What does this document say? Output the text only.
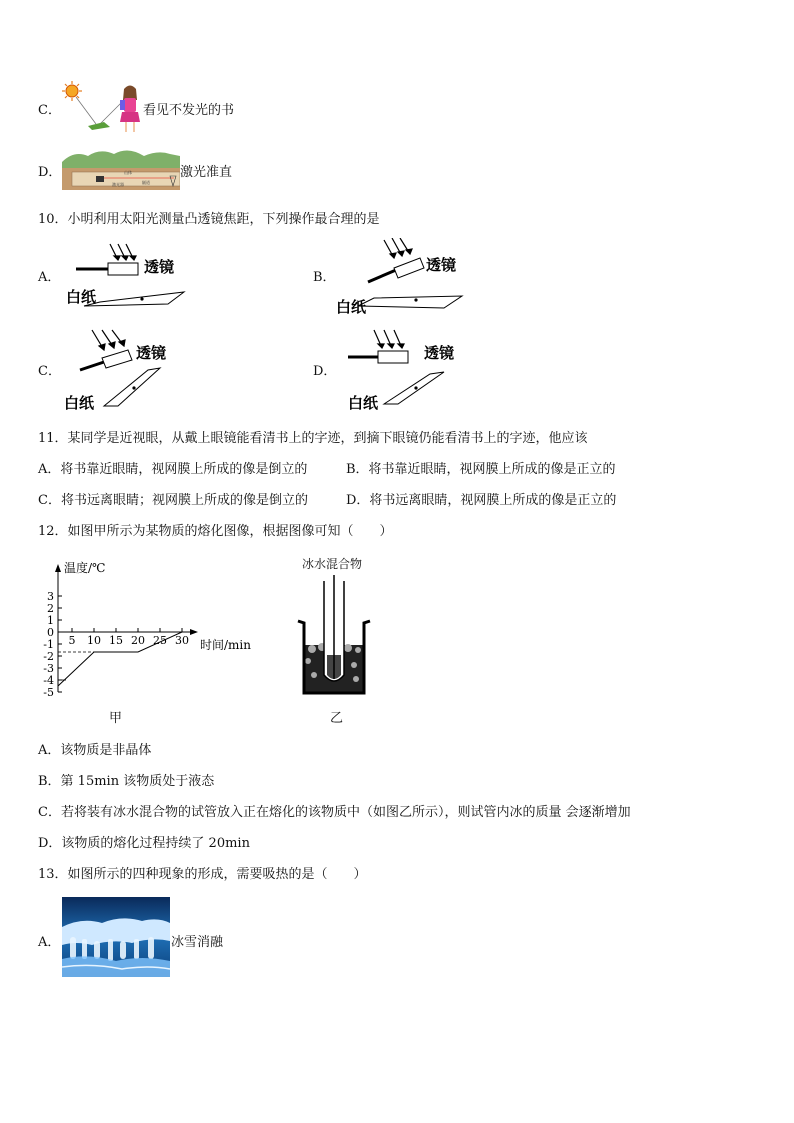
C．	看见不发光的书
D．	山体
隧道
激光器
激光准直
10．小明利用太阳光测量凸透镜焦距，下列操作最合理的是
A．
透镜
白纸
B．
透镜
白纸
C．
透镜
白纸
D．
透镜
白纸
11．某同学是近视眼，从戴上眼镜能看清书上的字迹，到摘下眼镜仍能看清书上的字迹，他应该
A．将书靠近眼睛，视网膜上所成的像是倒立的	B．将书靠近眼睛，视网膜上所成的像是正立的
C．将书远离眼睛；视网膜上所成的像是倒立的	D．将书远离眼睛，视网膜上所成的像是正立的
12．如图甲所示为某物质的熔化图像，根据图像可知（　　）
温度/℃
时间/min
3
2
1
0
-1
-2
-3
-4
-5
5 10 15 20 25 30
甲
冰水混合物
乙
A．该物质是非晶体
B．第 15min 该物质处于液态
C．若将装有冰水混合物的试管放入正在熔化的该物质中（如图乙所示），则试管内冰的质量 会逐渐增加
D．该物质的熔化过程持续了 20min
13．如图所示的四种现象的形成，需要吸热的是（　　）
A．	冰雪消融
